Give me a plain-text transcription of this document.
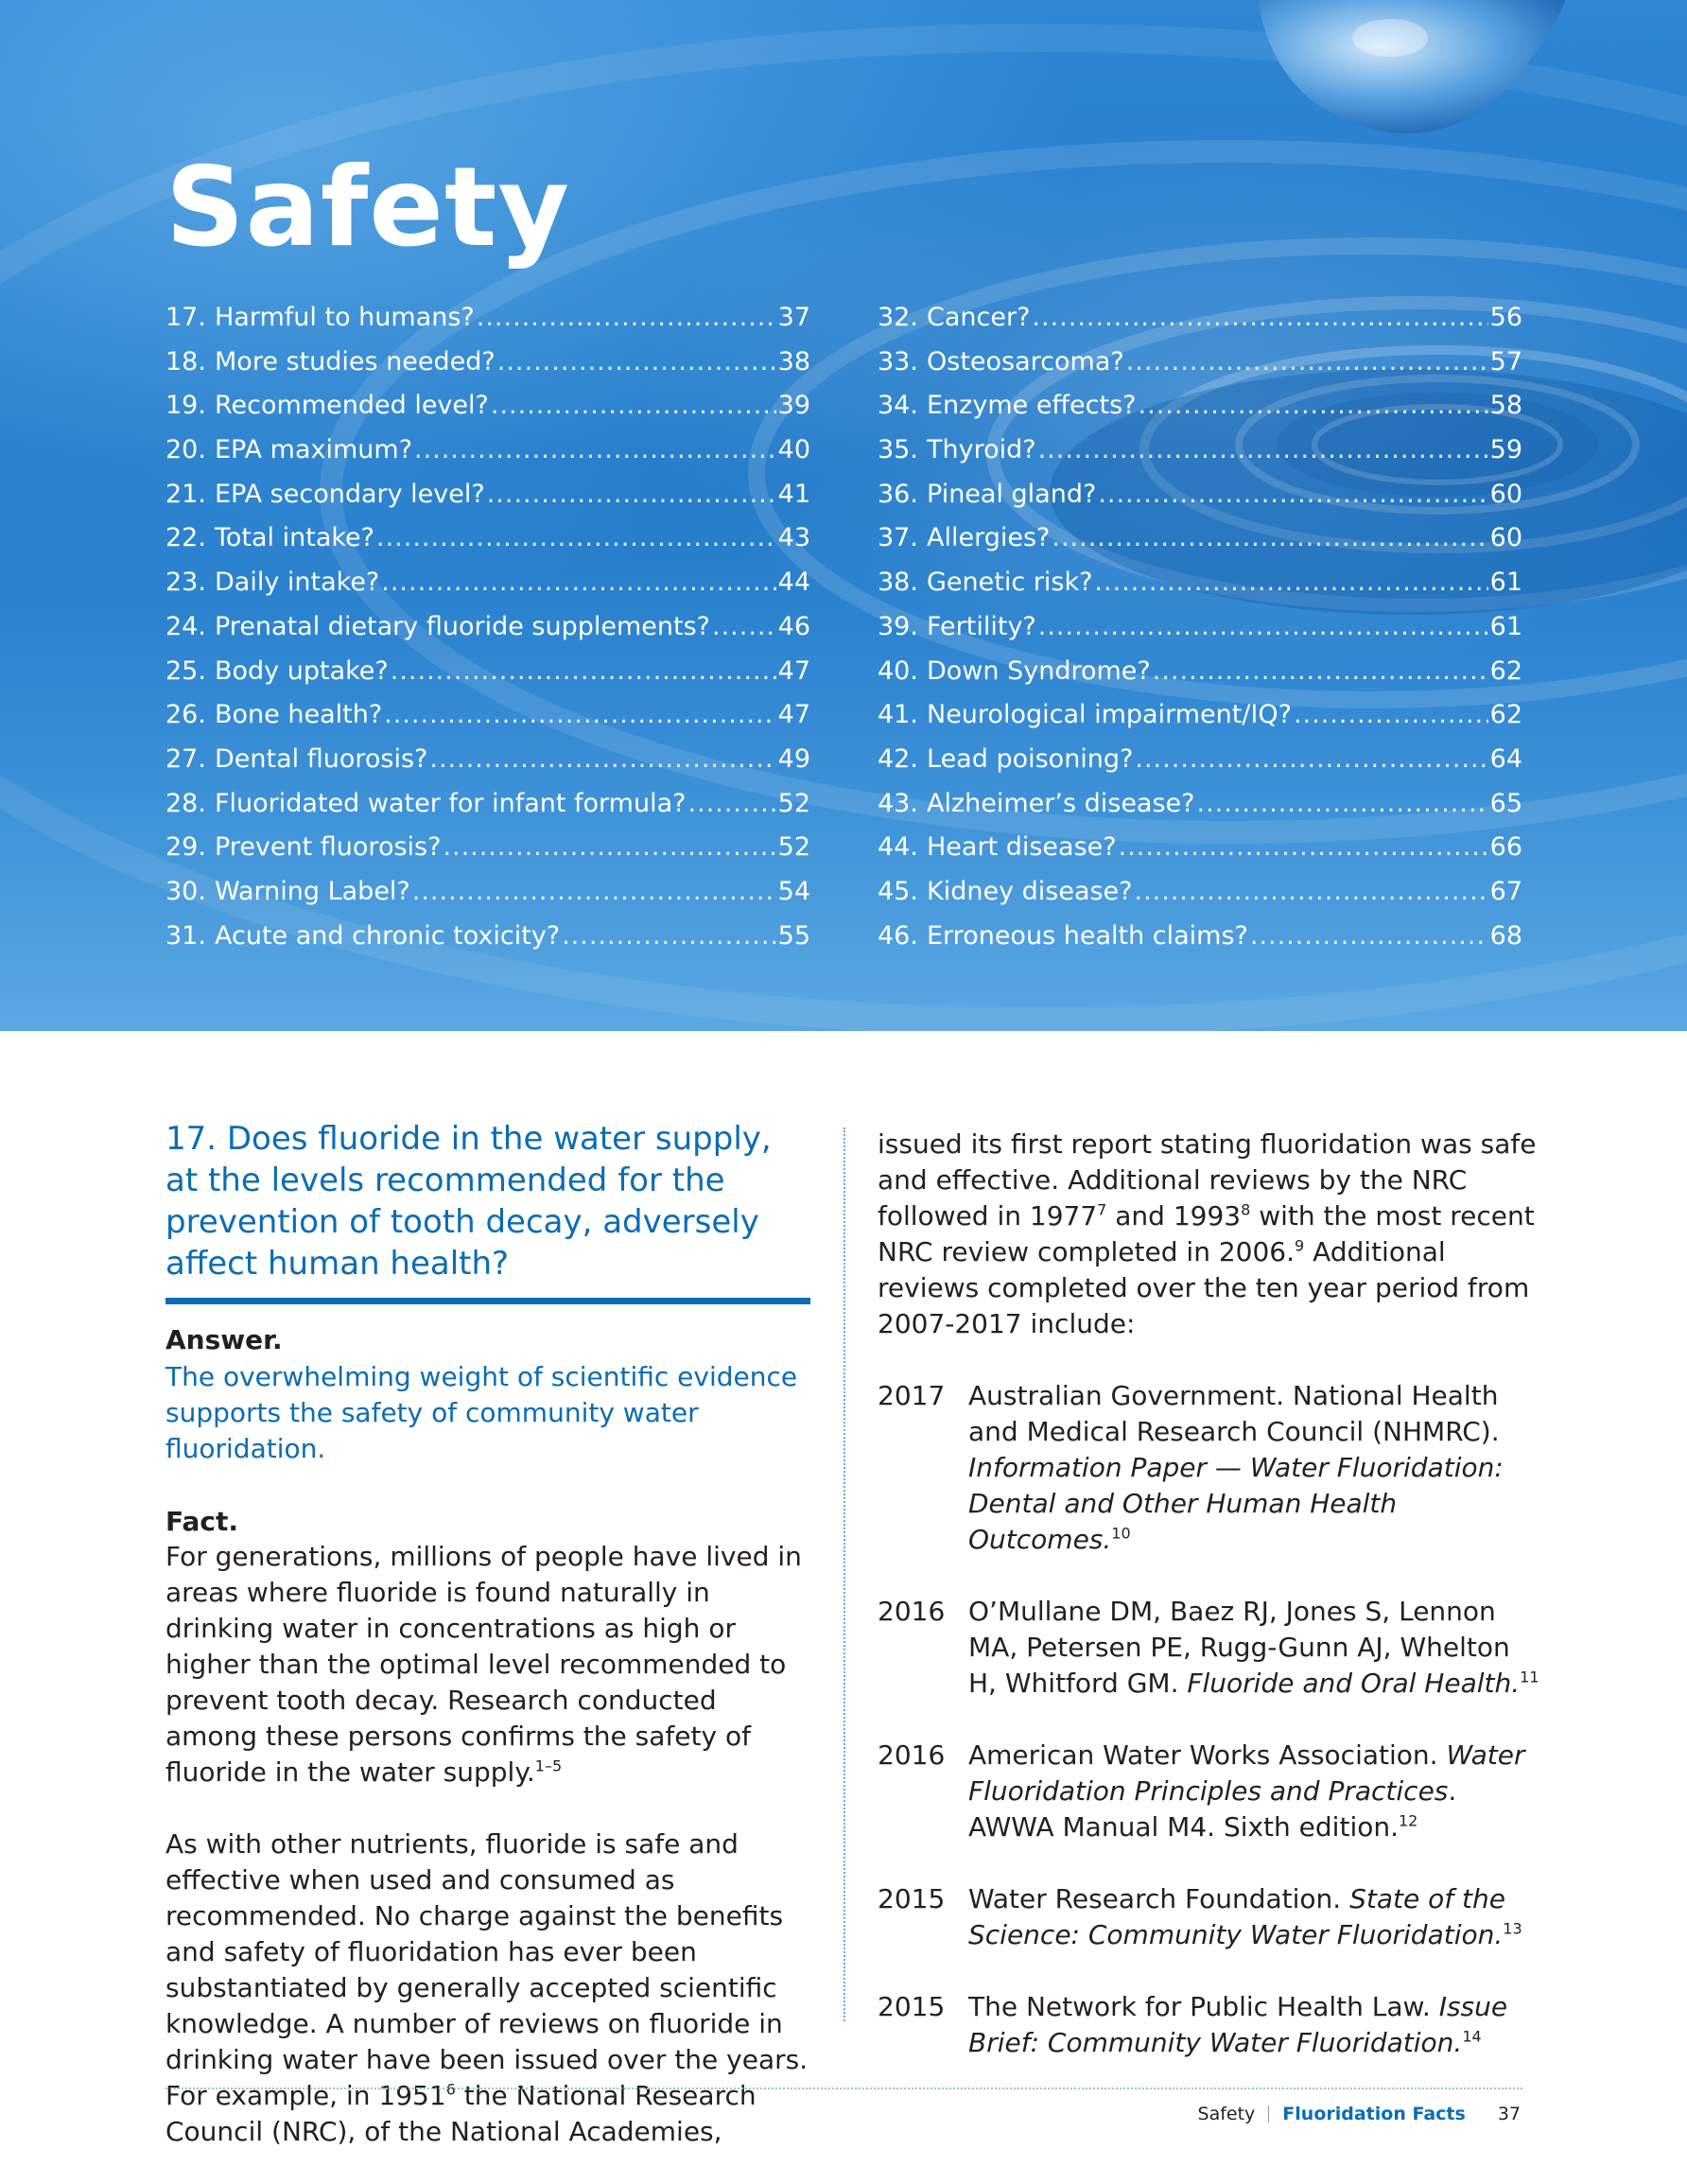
Safety
17. Harmful to humans? .....	37
18. More studies needed? .....	38
19. Recommended level? .....	39
20. EPA maximum? .....	40
21. EPA secondary level? .....	41
22. Total intake? .....	43
23. Daily intake? .....	44
24. Prenatal dietary fluoride supplements? .....	46
25. Body uptake? .....	47
26. Bone health? .....	47
27. Dental fluorosis? .....	49
28. Fluoridated water for infant formula? .....	52
29. Prevent fluorosis? .....	52
30. Warning Label? .....	54
31. Acute and chronic toxicity? .....	55
32. Cancer? .....	56
33. Osteosarcoma? .....	57
34. Enzyme effects? .....	58
35. Thyroid? .....	59
36. Pineal gland? .....	60
37. Allergies? .....	60
38. Genetic risk? .....	61
39. Fertility? .....	61
40. Down Syndrome? .....	62
41. Neurological impairment/IQ? .....	62
42. Lead poisoning? .....	64
43. Alzheimer’s disease? .....	65
44. Heart disease? .....	66
45. Kidney disease? .....	67
46. Erroneous health claims? .....	68
17. Does fluoride in the water supply, at the levels recommended for the prevention of tooth decay, adversely affect human health?
Answer.
The overwhelming weight of scientific evidence supports the safety of community water fluoridation.
Fact.

For generations, millions of people have lived in areas where fluoride is found naturally in drinking water in concentrations as high or higher than the optimal level recommended to prevent tooth decay. Research conducted among these persons confirms the safety of fluoride in the water supply.$^{1-5}$

As with other nutrients, fluoride is safe and effective when used and consumed as recommended. No charge against the benefits and safety of fluoridation has ever been substantiated by generally accepted scientific knowledge. A number of reviews on fluoride in drinking water have been issued over the years. For example, in 1951$^6$ the National Research Council (NRC), of the National Academies,

issued its first report stating fluoridation was safe and effective. Additional reviews by the NRC followed in 1977$^7$ and 1993$^8$ with the most recent NRC review completed in 2006.$^9$ Additional reviews completed over the ten year period from 2007-2017 include:

2017 Australian Government. National Health and Medical Research Council (NHMRC). Information Paper — Water Fluoridation: Dental and Other Human Health Outcomes.$^{10}$
2016 O’Mullane DM, Baez RJ, Jones S, Lennon MA, Petersen PE, Rugg-Gunn AJ, Whelton H, Whitford GM. Fluoride and Oral Health.$^{11}$
2016 American Water Works Association. Water Fluoridation Principles and Practices. AWWA Manual M4. Sixth edition.$^{12}$
2015 Water Research Foundation. State of the Science: Community Water Fluoridation.$^{13}$
2015 The Network for Public Health Law. Issue Brief: Community Water Fluoridation.$^{14}$
Safety Fluoridation Facts 37
